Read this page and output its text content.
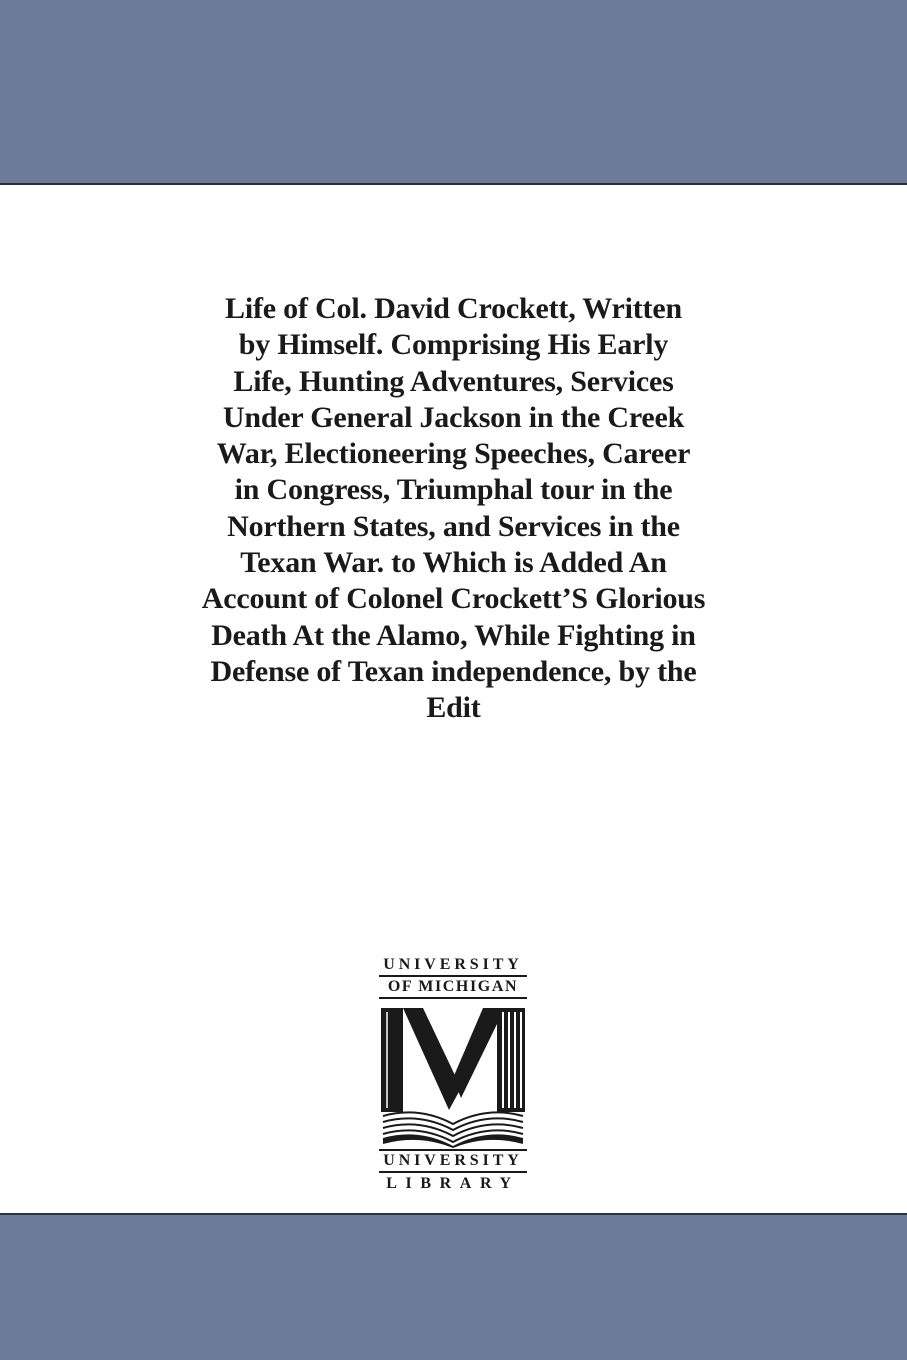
Life of Col. David Crockett, Written
by Himself. Comprising His Early
Life, Hunting Adventures, Services
Under General Jackson in the Creek
War, Electioneering Speeches, Career
in Congress, Triumphal tour in the
Northern States, and Services in the
Texan War. to Which is Added An
Account of Colonel Crockett’S Glorious
Death At the Alamo, While Fighting in
Defense of Texan independence, by the
Edit
UNIVERSITY
OF MICHIGAN
UNIVERSITY
LIBRARY
